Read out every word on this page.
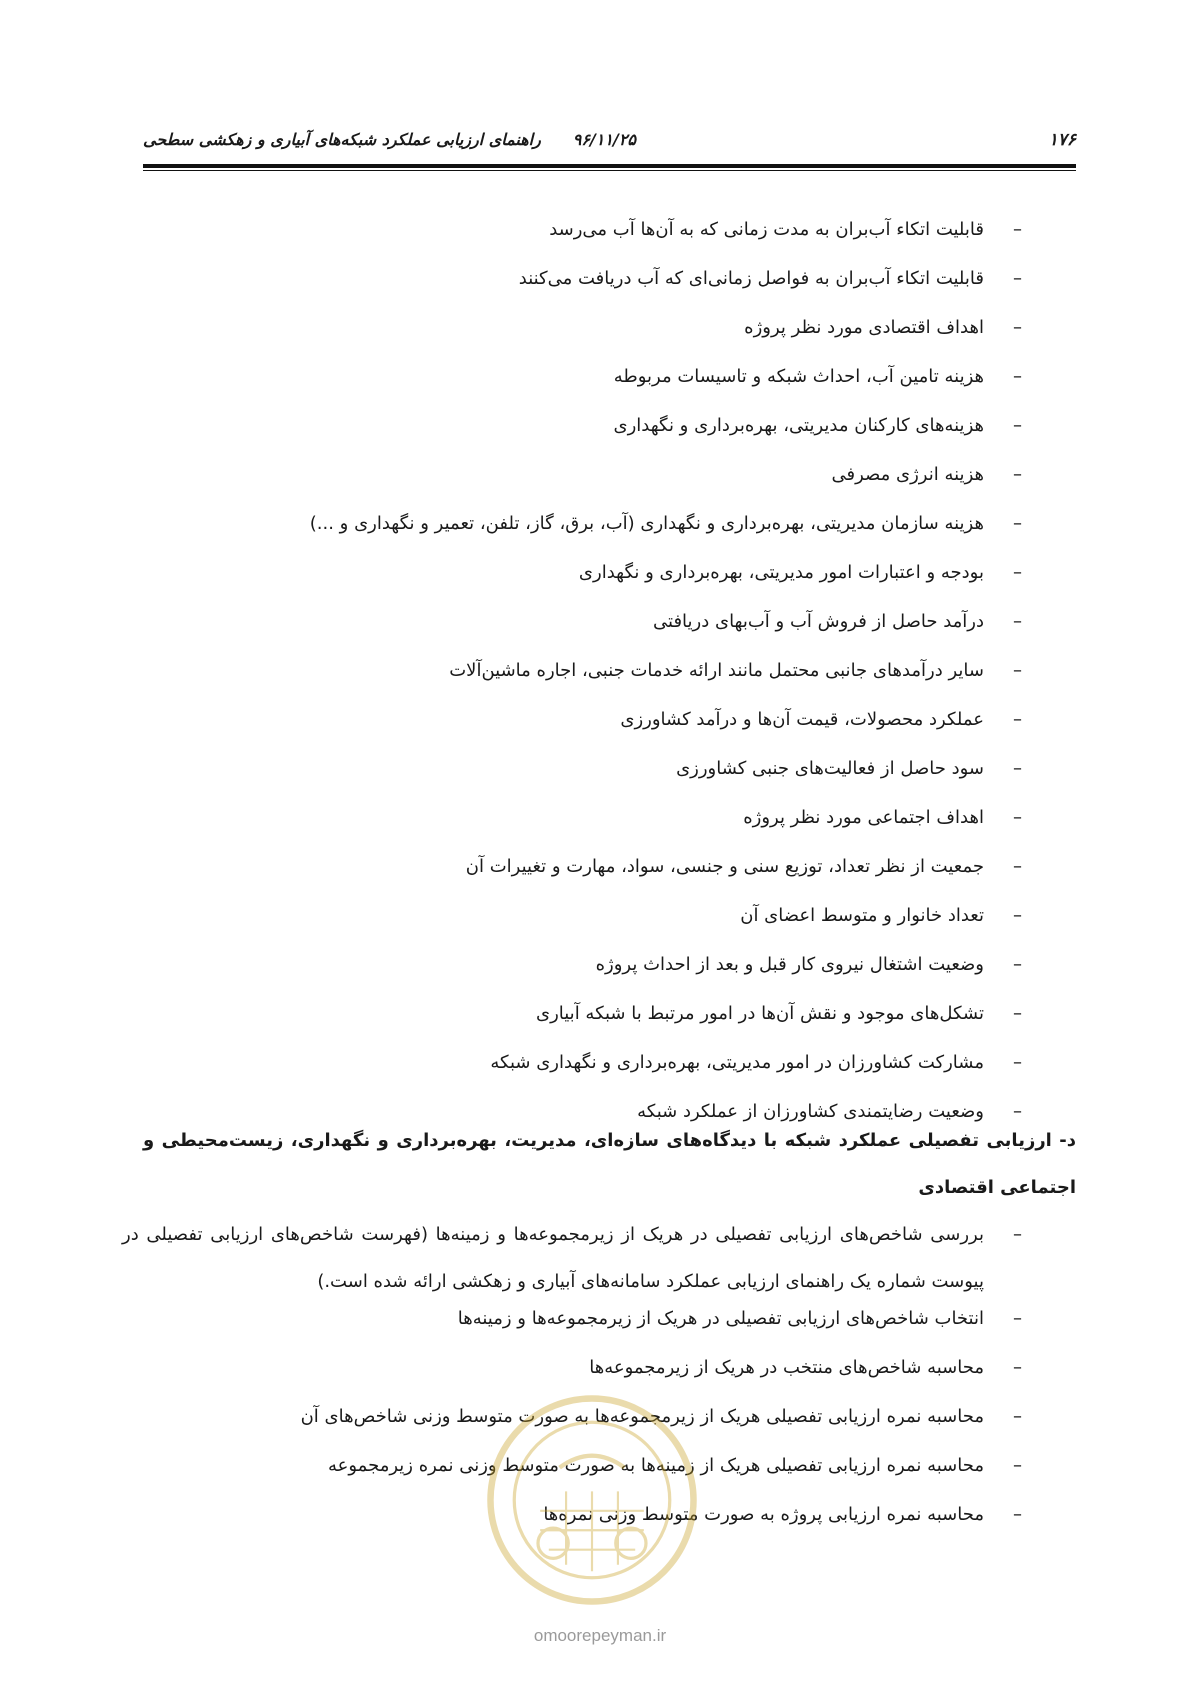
۱۷۶
۹۶/۱۱/۲۵
راهنمای ارزیابی عملکرد شبکه‌های آبیاری و زهکشی سطحی
– قابلیت اتکاء آب‌بران به مدت زمانی که به آن‌ها آب می‌رسد
– قابلیت اتکاء آب‌بران به فواصل زمانی‌ای که آب دریافت می‌کنند
– اهداف اقتصادی مورد نظر پروژه
– هزینه تامین آب، احداث شبکه و تاسیسات مربوطه
– هزینه‌های کارکنان مدیریتی، بهره‌برداری و نگهداری
– هزینه انرژی مصرفی
– هزینه سازمان مدیریتی، بهره‌برداری و نگهداری (آب، برق، گاز، تلفن، تعمیر و نگهداری و ...)
– بودجه و اعتبارات امور مدیریتی، بهره‌برداری و نگهداری
– درآمد حاصل از فروش آب و آب‌بهای دریافتی
– سایر درآمدهای جانبی محتمل مانند ارائه خدمات جنبی، اجاره ماشین‌آلات
– عملکرد محصولات، قیمت آن‌ها و درآمد کشاورزی
– سود حاصل از فعالیت‌های جنبی کشاورزی
– اهداف اجتماعی مورد نظر پروژه
– جمعیت از نظر تعداد، توزیع سنی و جنسی، سواد، مهارت و تغییرات آن
– تعداد خانوار و متوسط اعضای آن
– وضعیت اشتغال نیروی کار قبل و بعد از احداث پروژه
– تشکل‌های موجود و نقش آن‌ها در امور مرتبط با شبکه آبیاری
– مشارکت کشاورزان در امور مدیریتی، بهره‌برداری و نگهداری شبکه
– وضعیت رضایتمندی کشاورزان از عملکرد شبکه
د- ارزیابی تفصیلی عملکرد شبکه با دیدگاه‌های سازه‌ای، مدیریت، بهره‌برداری و نگهداری، زیست‌محیطی و اجتماعی اقتصادی
– بررسی شاخص‌های ارزیابی تفصیلی در هریک از زیرمجموعه‌ها و زمینه‌ها (فهرست شاخص‌های ارزیابی تفصیلی در پیوست شماره یک راهنمای ارزیابی عملکرد سامانه‌های آبیاری و زهکشی ارائه شده است.)
– انتخاب شاخص‌های ارزیابی تفصیلی در هریک از زیرمجموعه‌ها و زمینه‌ها
– محاسبه شاخص‌های منتخب در هریک از زیرمجموعه‌ها
– محاسبه نمره ارزیابی تفصیلی هریک از زیرمجموعه‌ها به صورت متوسط وزنی شاخص‌های آن
– محاسبه نمره ارزیابی تفصیلی هریک از زمینه‌ها به صورت متوسط وزنی نمره زیرمجموعه
– محاسبه نمره ارزیابی پروژه به صورت متوسط وزنی نمره‌ها
omoorepeyman.ir
